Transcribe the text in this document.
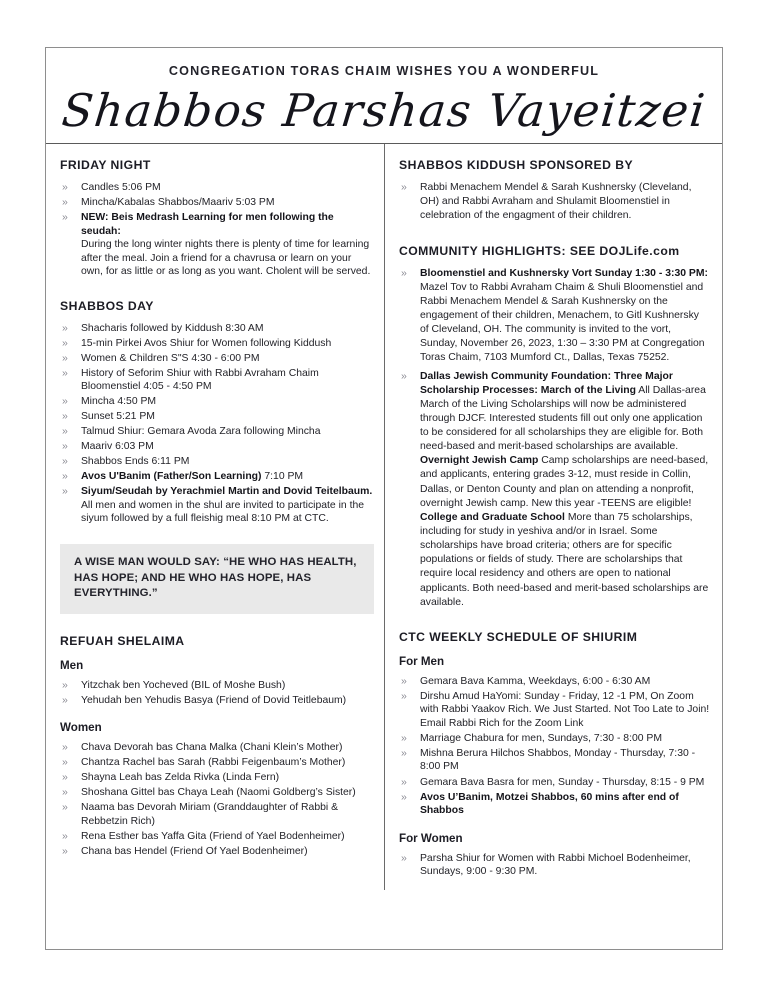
CONGREGATION TORAS CHAIM WISHES YOU A WONDERFUL
Shabbos Parshas Vayeitzei
FRIDAY NIGHT
» Candles 5:06 PM
» Mincha/Kabalas Shabbos/Maariv 5:03 PM
» NEW: Beis Medrash Learning for men following the seudah:
During the long winter nights there is plenty of time for learning after the meal. Join a friend for a chavrusa or learn on your own, for as little or as long as you want. Cholent will be served.
SHABBOS DAY
» Shacharis followed by Kiddush 8:30 AM
» 15-min Pirkei Avos Shiur for Women following Kiddush
» Women & Children S"S 4:30 - 6:00 PM
» History of Seforim Shiur with Rabbi Avraham Chaim Bloomenstiel 4:05 - 4:50 PM
» Mincha 4:50 PM
» Sunset 5:21 PM
» Talmud Shiur: Gemara Avoda Zara following Mincha
» Maariv 6:03 PM
» Shabbos Ends 6:11 PM
» Avos U'Banim (Father/Son Learning) 7:10 PM
» Siyum/Seudah by Yerachmiel Martin and Dovid Teitelbaum.
All men and women in the shul are invited to participate in the siyum followed by a full fleishig meal 8:10 PM at CTC.
A WISE MAN WOULD SAY: “HE WHO HAS HEALTH, HAS HOPE; AND HE WHO HAS HOPE, HAS EVERYTHING.”
REFUAH SHELAIMA
Men
» Yitzchak ben Yocheved (BIL of Moshe Bush)
» Yehudah ben Yehudis Basya (Friend of Dovid Teitlebaum)
Women
» Chava Devorah bas Chana Malka (Chani Klein’s Mother)
» Chantza Rachel bas Sarah (Rabbi Feigenbaum’s Mother)
» Shayna Leah bas Zelda Rivka (Linda Fern)
» Shoshana Gittel bas Chaya Leah (Naomi Goldberg’s Sister)
» Naama bas Devorah Miriam (Granddaughter of Rabbi & Rebbetzin Rich)
» Rena Esther bas Yaffa Gita (Friend of Yael Bodenheimer)
» Chana bas Hendel (Friend Of Yael Bodenheimer)
SHABBOS KIDDUSH SPONSORED BY
» Rabbi Menachem Mendel & Sarah Kushnersky (Cleveland, OH) and Rabbi Avraham and Shulamit Bloomenstiel in celebration of the engagment of their children.
COMMUNITY HIGHLIGHTS: SEE DOJLife.com
» Bloomenstiel and Kushnersky Vort Sunday 1:30 - 3:30 PM:
Mazel Tov to Rabbi Avraham Chaim & Shuli Bloomenstiel and Rabbi Menachem Mendel & Sarah Kushnersky on the engagement of their children, Menachem, to Gitl Kushnersky of Cleveland, OH. The community is invited to the vort, Sunday, November 26, 2023, 1:30 – 3:30 PM at Congregation Toras Chaim, 7103 Mumford Ct., Dallas, Texas 75252.
» Dallas Jewish Community Foundation: Three Major Scholarship Processes: March of the Living All Dallas-area March of the Living Scholarships will now be administered through DJCF. Interested students fill out only one application to be considered for all scholarships they are eligible for. Both need-based and merit-based scholarships are available. Overnight Jewish Camp Camp scholarships are need-based, and applicants, entering grades 3-12, must reside in Collin, Dallas, or Denton County and plan on attending a nonprofit, overnight Jewish camp. New this year -TEENS are eligible! College and Graduate School More than 75 scholarships, including for study in yeshiva and/or in Israel. Some scholarships have broad criteria; others are for specific populations or fields of study. There are scholarships that require local residency and others are open to national applicants. Both need-based and merit-based scholarships are available.
CTC WEEKLY SCHEDULE OF SHIURIM
For Men
» Gemara Bava Kamma, Weekdays, 6:00 - 6:30 AM
» Dirshu Amud HaYomi: Sunday - Friday, 12 -1 PM, On Zoom with Rabbi Yaakov Rich. We Just Started. Not Too Late to Join! Email Rabbi Rich for the Zoom Link
» Marriage Chabura for men, Sundays, 7:30 - 8:00 PM
» Mishna Berura Hilchos Shabbos, Monday - Thursday, 7:30 - 8:00 PM
» Gemara Bava Basra for men, Sunday - Thursday, 8:15 - 9 PM
» Avos U’Banim, Motzei Shabbos, 60 mins after end of Shabbos
For Women
» Parsha Shiur for Women with Rabbi Michoel Bodenheimer, Sundays, 9:00 - 9:30 PM.
